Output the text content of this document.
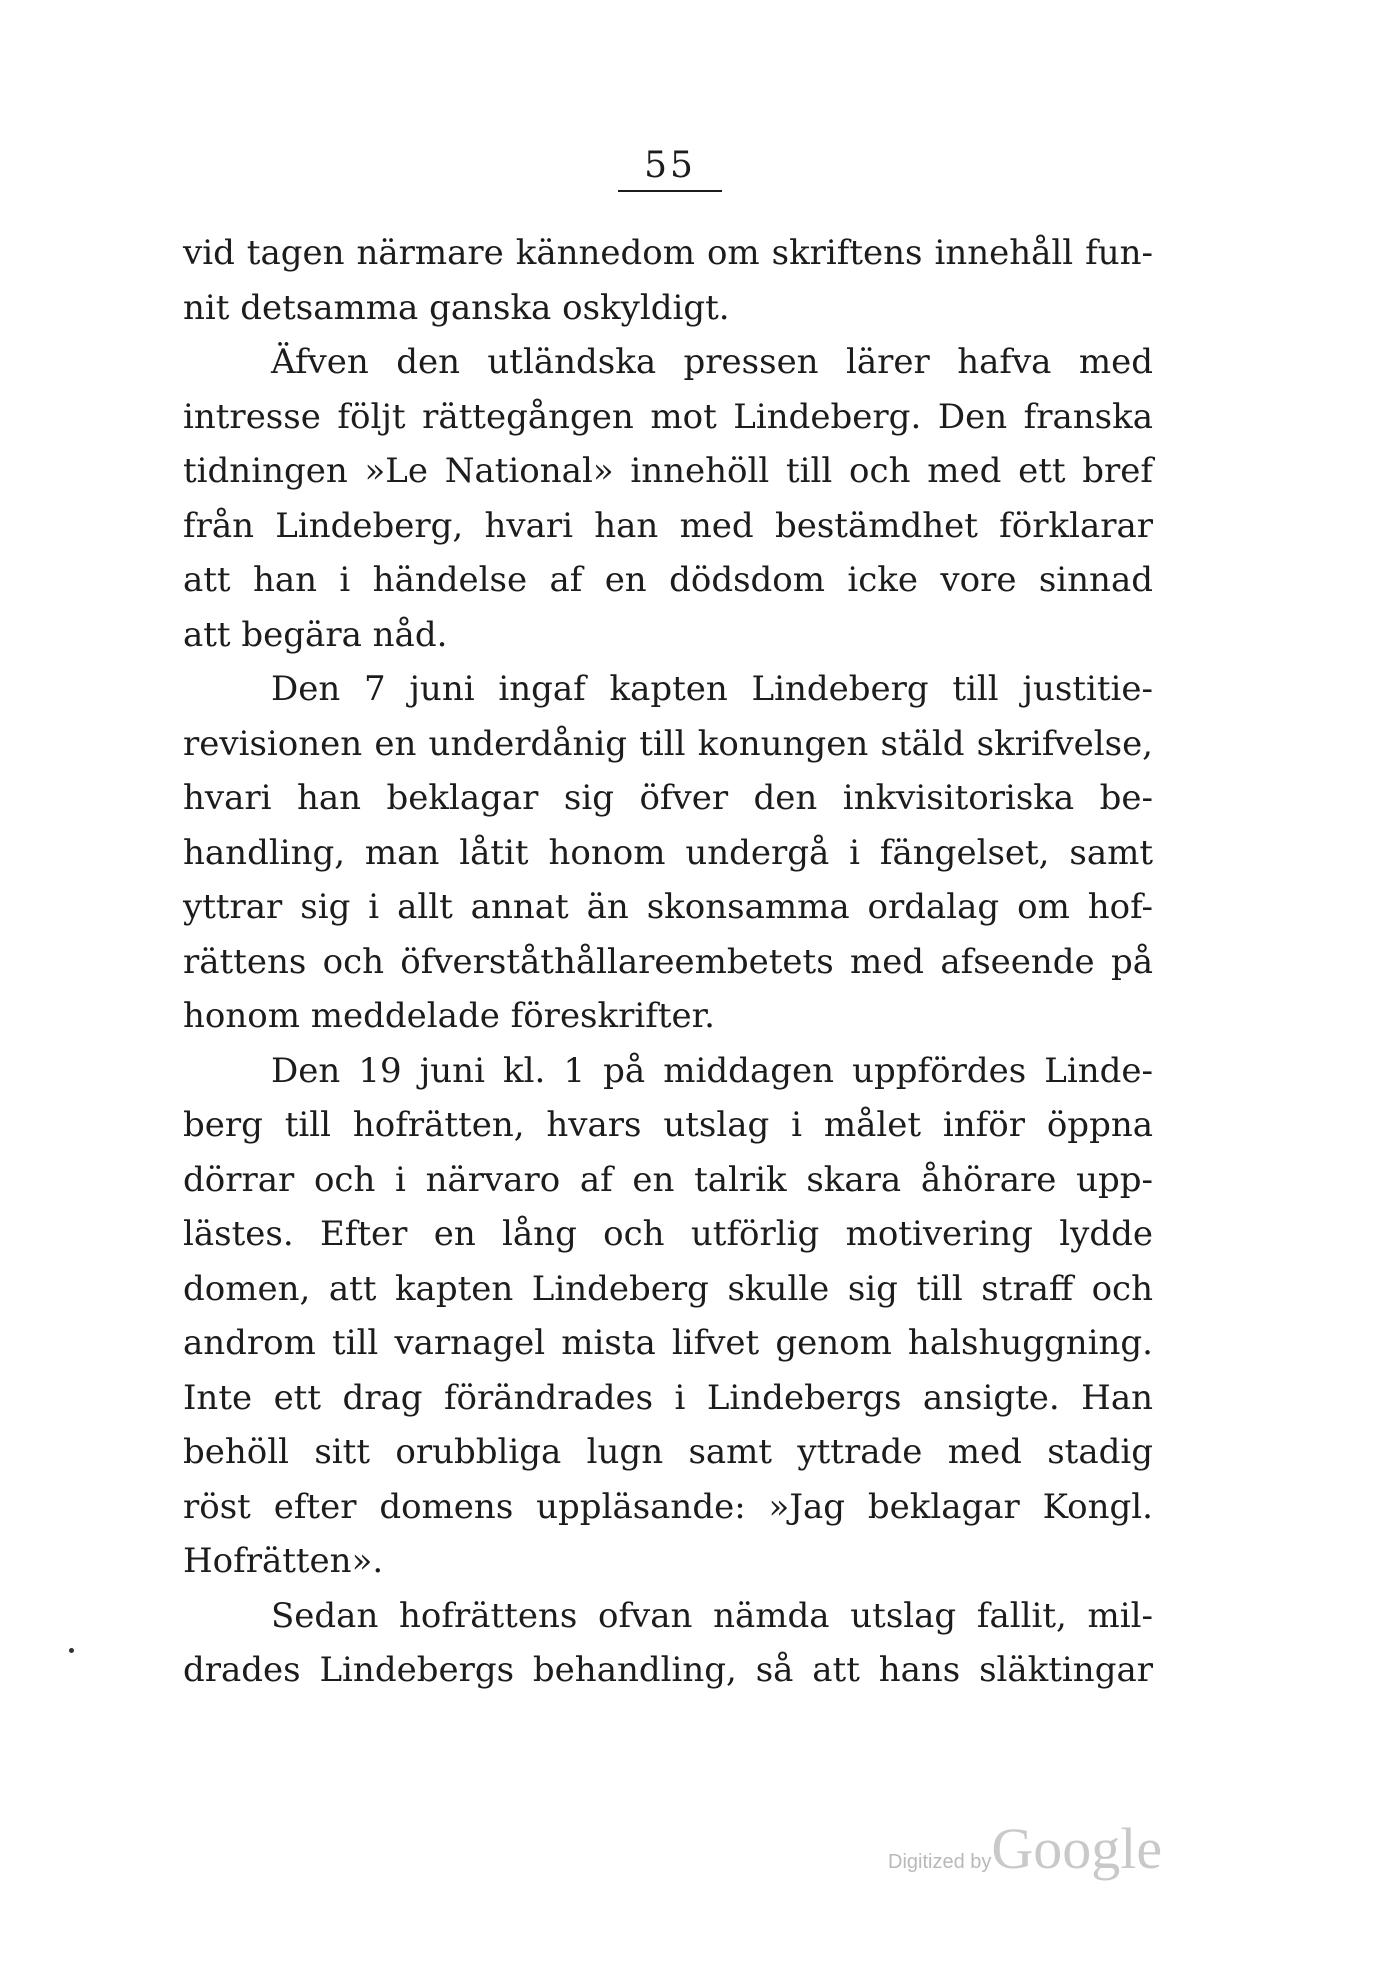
55
vid tagen närmare kännedom om skriftens innehåll fun-
nit detsamma ganska oskyldigt.
Äfven den utländska pressen lärer hafva med
intresse följt rättegången mot Lindeberg. Den franska
tidningen »Le National» innehöll till och med ett bref
från Lindeberg, hvari han med bestämdhet förklarar
att han i händelse af en dödsdom icke vore sinnad
att begära nåd.
Den 7 juni ingaf kapten Lindeberg till justitie-
revisionen en underdånig till konungen stäld skrifvelse,
hvari han beklagar sig öfver den inkvisitoriska be-
handling, man låtit honom undergå i fängelset, samt
yttrar sig i allt annat än skonsamma ordalag om hof-
rättens och öfverståthållareembetets med afseende på
honom meddelade föreskrifter.
Den 19 juni kl. 1 på middagen uppfördes Linde-
berg till hofrätten, hvars utslag i målet inför öppna
dörrar och i närvaro af en talrik skara åhörare upp-
lästes. Efter en lång och utförlig motivering lydde
domen, att kapten Lindeberg skulle sig till straff och
androm till varnagel mista lifvet genom halshuggning.
Inte ett drag förändrades i Lindebergs ansigte. Han
behöll sitt orubbliga lugn samt yttrade med stadig
röst efter domens uppläsande: »Jag beklagar Kongl.
Hofrätten».
Sedan hofrättens ofvan nämda utslag fallit, mil-
drades Lindebergs behandling, så att hans släktingar
Digitized byGoogle
